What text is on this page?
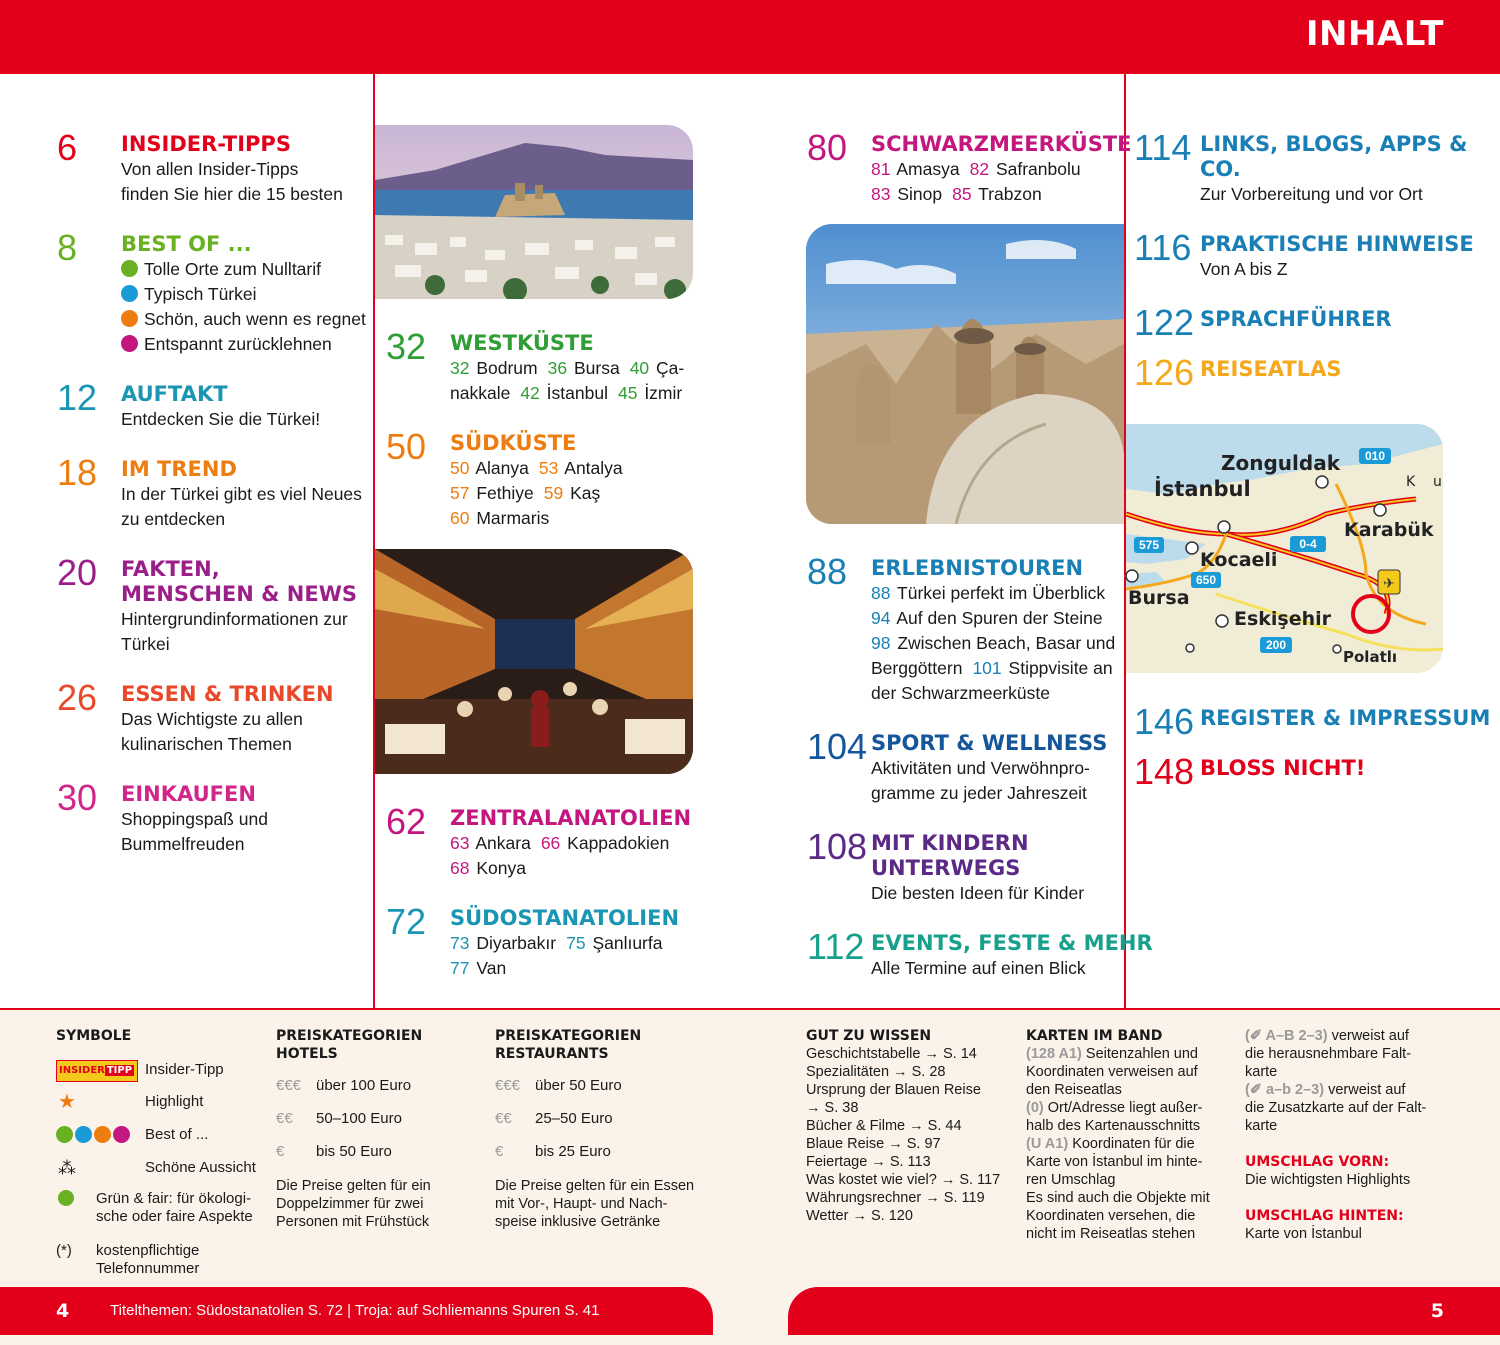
INHALT
6 INSIDER-TIPPS
Von allen Insider-Tipps
finden Sie hier die 15 besten
8 BEST OF ...
Tolle Orte zum Nulltarif
Typisch Türkei
Schön, auch wenn es regnet
Entspannt zurücklehnen
12 AUFTAKT
Entdecken Sie die Türkei!
18 IM TREND
In der Türkei gibt es viel Neues
zu entdecken
20 FAKTEN,
MENSCHEN & NEWS
Hintergrundinformationen zur
Türkei
26 ESSEN & TRINKEN
Das Wichtigste zu allen
kulinarischen Themen
30 EINKAUFEN
Shoppingspaß und
Bummelfreuden
32 WESTKÜSTE
32 Bodrum 36 Bursa 40 Ça-
nakkale 42 İstanbul 45 İzmir
50 SÜDKÜSTE
50 Alanya 53 Antalya
57 Fethiye 59 Kaş
60 Marmaris
62 ZENTRALANATOLIEN
63 Ankara 66 Kappadokien
68 Konya
72 SÜDOSTANATOLIEN
73 Diyarbakır 75 Şanlıurfa
77 Van
80 SCHWARZMEERKÜSTE
81 Amasya 82 Safranbolu
83 Sinop 85 Trabzon
88 ERLEBNISTOUREN
88 Türkei perfekt im Überblick
94 Auf den Spuren der Steine
98 Zwischen Beach, Basar und
Berggöttern 101 Stippvisite an
der Schwarzmeerküste
104 SPORT & WELLNESS
Aktivitäten und Verwöhnpro-
gramme zu jeder Jahreszeit
108 MIT KINDERN
UNTERWEGS
Die besten Ideen für Kinder
112 EVENTS, FESTE & MEHR
Alle Termine auf einen Blick
114 LINKS, BLOGS, APPS &
CO.
Zur Vorbereitung und vor Ort
116 PRAKTISCHE HINWEISE
Von A bis Z
122 SPRACHFÜHRER
126 REISEATLAS
146 REGISTER & IMPRESSUM
148 BLOSS NICHT!
✈
010
575	0-4
650
200
Zonguldak
İstanbul
Karabük
Kocaeli
Bursa
Eskişehir
Polatlı
K u
SYMBOLE
INSIDER TIPP Insider-Tipp
★	Highlight
Best of ...
⁂	Schöne Aussicht
Grün & fair: für ökologi-
sche oder faire Aspekte
(*) kostenpflichtige
Telefonnummer
PREISKATEGORIEN
HOTELS
€€€ über 100 Euro
€€ 50–100 Euro
€ bis 50 Euro
Die Preise gelten für ein
Doppelzimmer für zwei
Personen mit Frühstück
PREISKATEGORIEN
RESTAURANTS
€€€ über 50 Euro
€€ 25–50 Euro
€ bis 25 Euro
Die Preise gelten für ein Essen
mit Vor-, Haupt- und Nach-
speise inklusive Getränke
GUT ZU WISSEN
Geschichtstabelle → S. 14
Spezialitäten → S. 28
Ursprung der Blauen Reise
→ S. 38
Bücher & Filme → S. 44
Blaue Reise → S. 97
Feiertage → S. 113
Was kostet wie viel? → S. 117
Währungsrechner → S. 119
Wetter → S. 120
KARTEN IM BAND
(128 A1) Seitenzahlen und
Koordinaten verweisen auf
den Reiseatlas
(0) Ort/Adresse liegt außer-
halb des Kartenausschnitts
(U A1) Koordinaten für die
Karte von İstanbul im hinte-
ren Umschlag
Es sind auch die Objekte mit
Koordinaten versehen, die
nicht im Reiseatlas stehen
(✐ A–B 2–3) verweist auf
die herausnehmbare Falt-
karte
(✐ a–b 2–3) verweist auf
die Zusatzkarte auf der Falt-
karte
UMSCHLAG VORN:
Die wichtigsten Highlights
UMSCHLAG HINTEN:
Karte von İstanbul
4	Titelthemen: Südostanatolien S. 72 | Troja: auf Schliemanns Spuren S. 41	5
